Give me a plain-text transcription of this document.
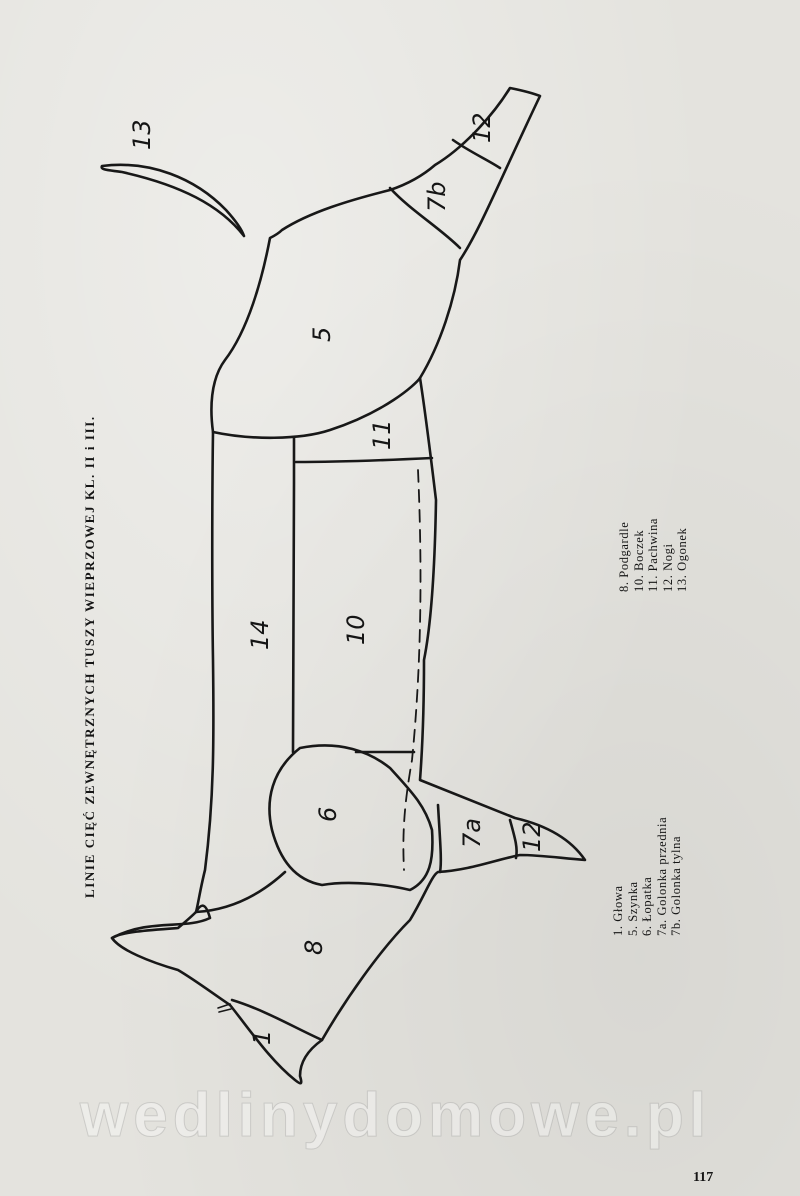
LINIE CIĘĆ ZEWNĘTRZNYCH TUSZY WIEPRZOWEJ KL. II i III.
13	12
7b
5
11
14	10
6
7a 12
8
1
1. Głowa 5. Szynka 6. Łopatka 7a. Golonka przednia 7b. Golonka tylna
8. Podgardle 10. Boczek 11. Pachwina 12. Nogi 13. Ogonek
wedlinydomowe.pl
117
